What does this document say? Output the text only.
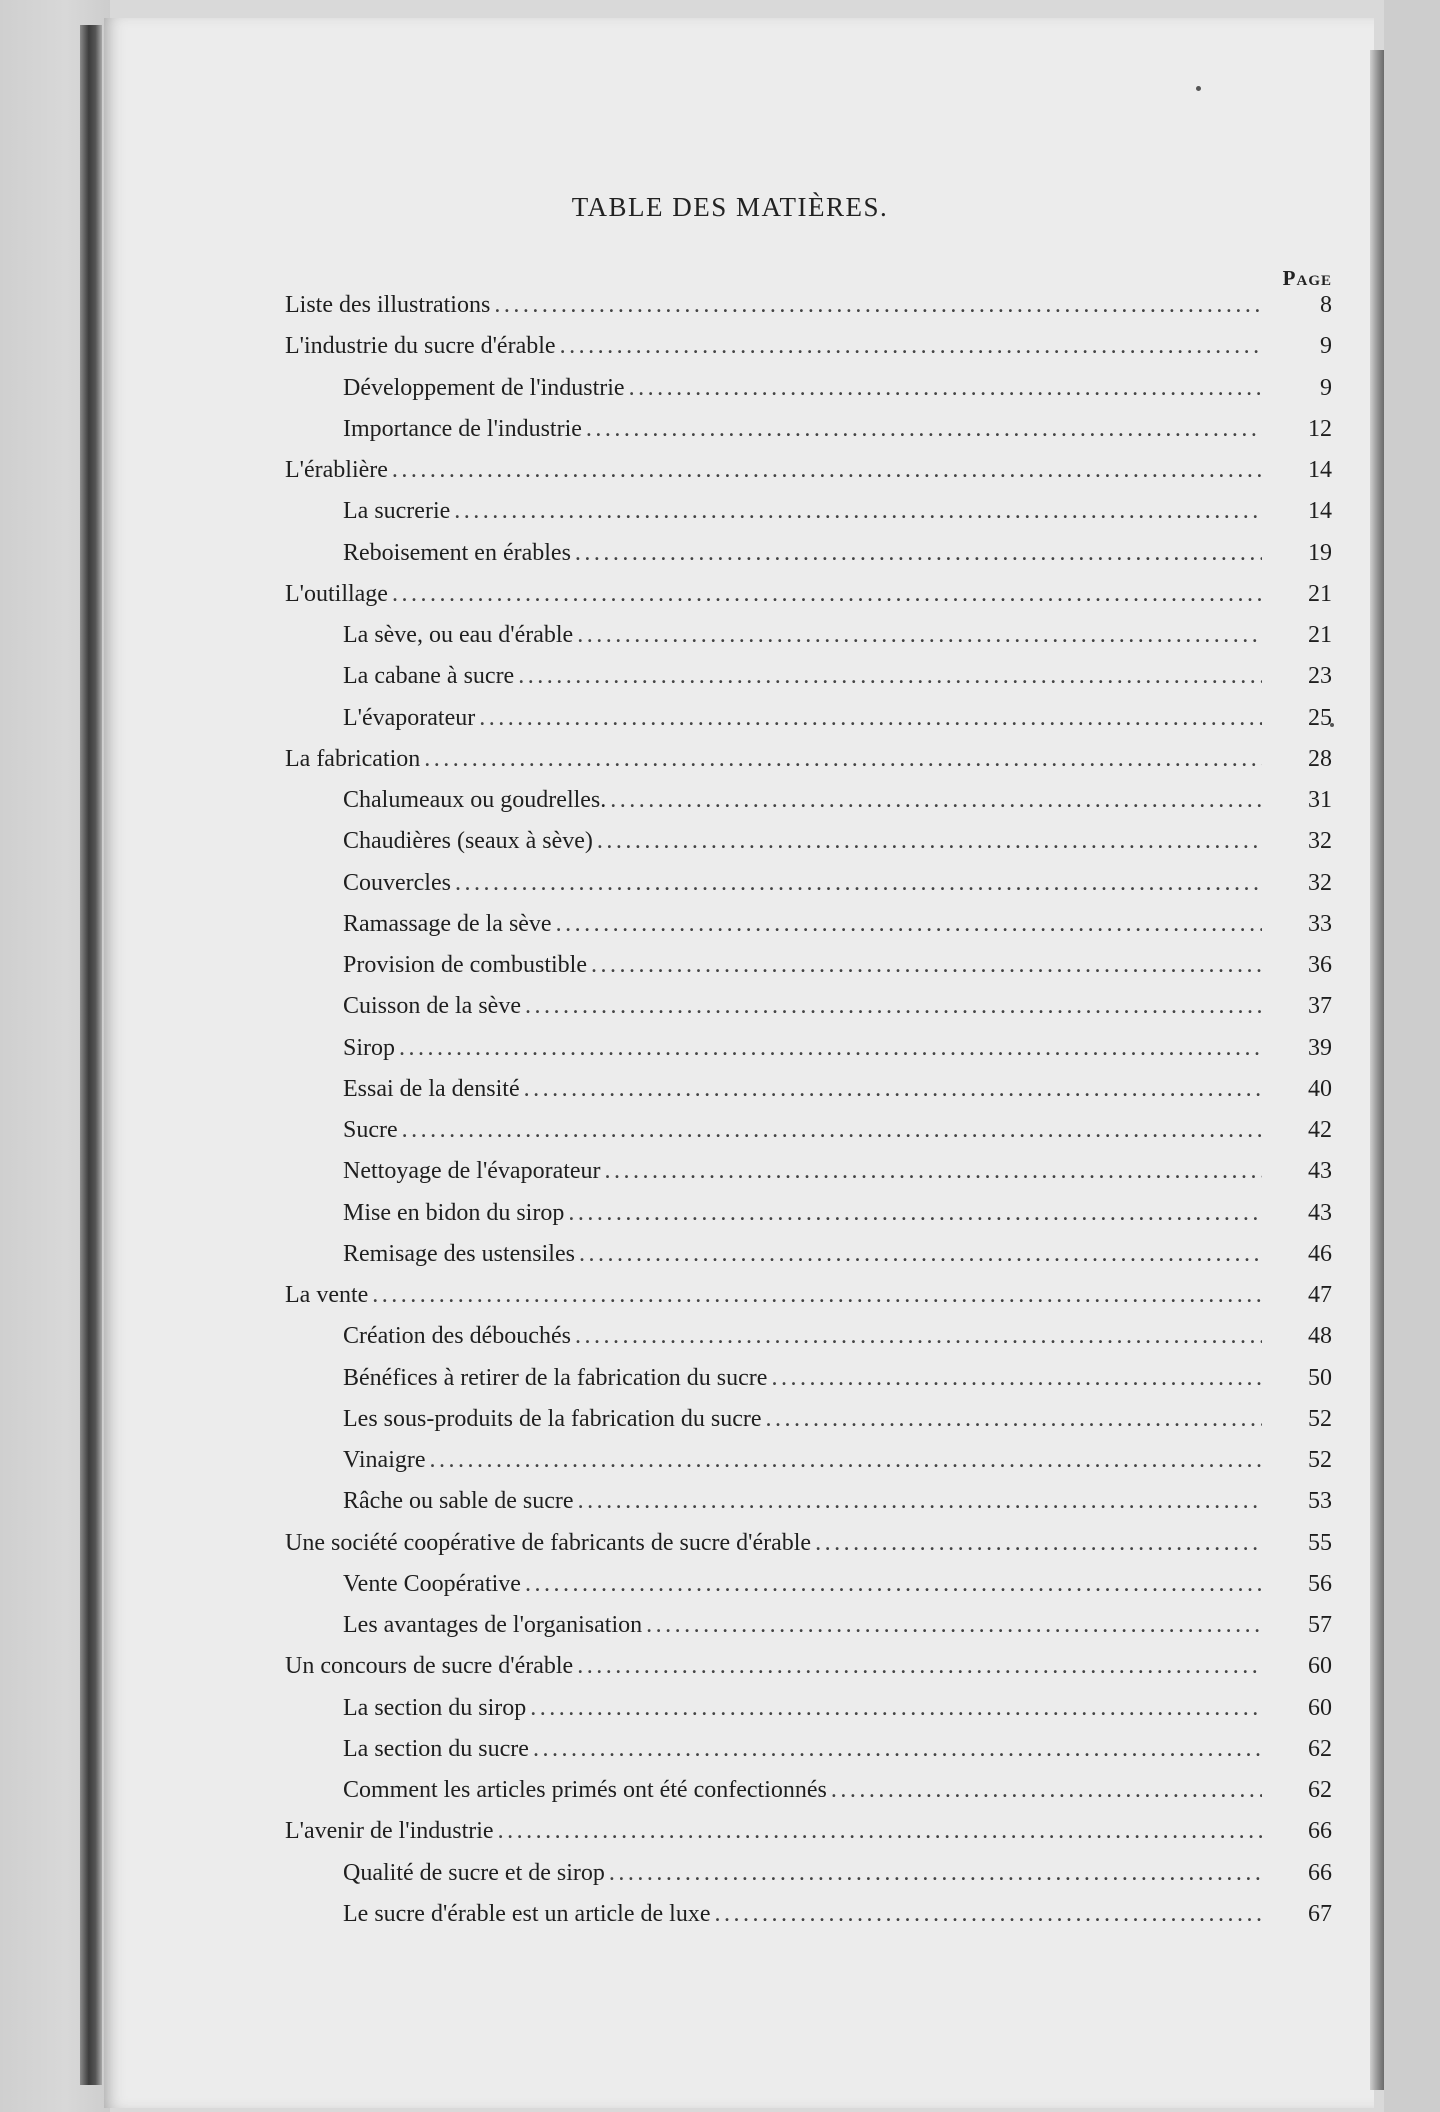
TABLE DES MATIÈRES.
Page
Liste des illustrations .....	8
L'industrie du sucre d'érable .....	9
Développement de l'industrie .....	9
Importance de l'industrie .....	12
L'érablière .....	14
La sucrerie .....	14
Reboisement en érables .....	19
L'outillage .....	21
La sève, ou eau d'érable .....	21
La cabane à sucre .....	23
L'évaporateur .....	25
La fabrication .....	28
Chalumeaux ou goudrelles. .....	31
Chaudières (seaux à sève) .....	32
Couvercles .....	32
Ramassage de la sève .....	33
Provision de combustible .....	36
Cuisson de la sève .....	37
Sirop .....	39
Essai de la densité .....	40
Sucre .....	42
Nettoyage de l'évaporateur .....	43
Mise en bidon du sirop .....	43
Remisage des ustensiles .....	46
La vente .....	47
Création des débouchés .....	48
Bénéfices à retirer de la fabrication du sucre .....	50
Les sous-produits de la fabrication du sucre .....	52
Vinaigre .....	52
Râche ou sable de sucre .....	53
Une société coopérative de fabricants de sucre d'érable .....	55
Vente Coopérative .....	56
Les avantages de l'organisation .....	57
Un concours de sucre d'érable .....	60
La section du sirop .....	60
La section du sucre .....	62
Comment les articles primés ont été confectionnés .....	62
L'avenir de l'industrie .....	66
Qualité de sucre et de sirop .....	66
Le sucre d'érable est un article de luxe .....	67
